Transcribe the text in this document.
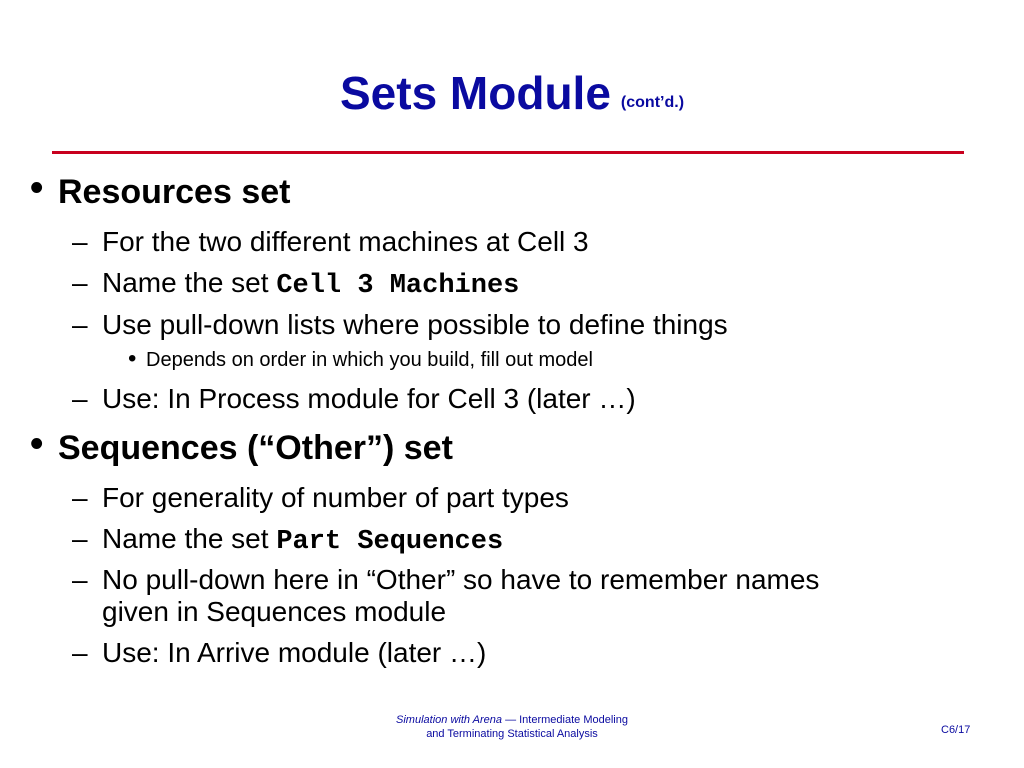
Sets Module (cont’d.)
• Resources set
– For the two different machines at Cell 3
– Name the set Cell 3 Machines
– Use pull-down lists where possible to define things
• Depends on order in which you build, fill out model
– Use: In Process module for Cell 3 (later …)
• Sequences (“Other”) set
– For generality of number of part types
– Name the set Part Sequences
– No pull-down here in “Other” so have to remember names
given in Sequences module
– Use: In Arrive module (later …)
Simulation with Arena — Intermediate Modeling
and Terminating Statistical Analysis	C6/17
